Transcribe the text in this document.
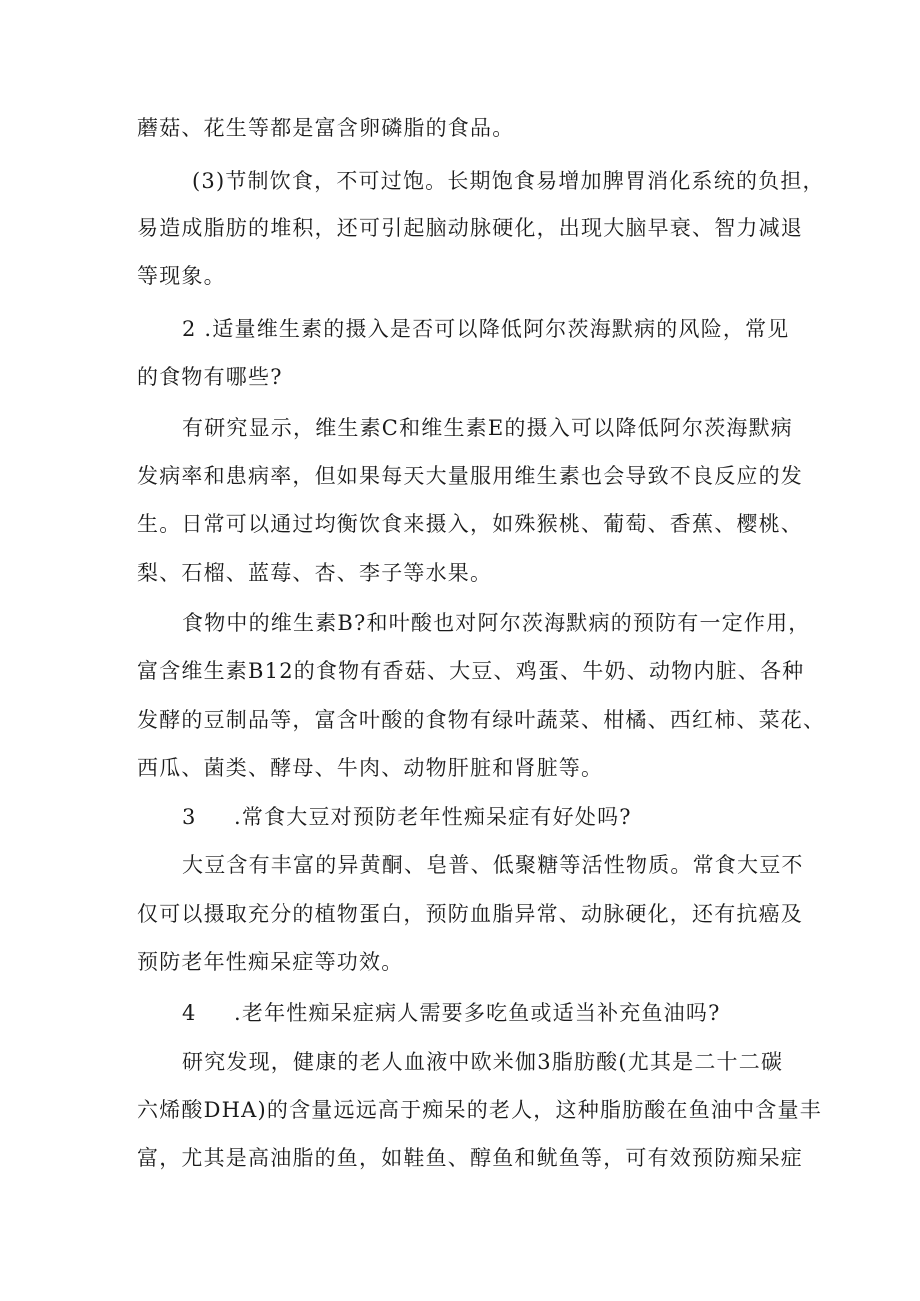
蘑菇、花生等都是富含卵磷脂的食品。
(3)节制饮食，不可过饱。长期饱食易增加脾胃消化系统的负担，
易造成脂肪的堆积，还可引起脑动脉硬化，出现大脑早衰、智力减退
等现象。
2 .适量维生素的摄入是否可以降低阿尔茨海默病的风险，常见
的食物有哪些?
有研究显示，维生素C和维生素E的摄入可以降低阿尔茨海默病
发病率和患病率，但如果每天大量服用维生素也会导致不良反应的发
生。日常可以通过均衡饮食来摄入，如殊猴桃、葡萄、香蕉、樱桃、
梨、石榴、蓝莓、杏、李子等水果。
食物中的维生素B?和叶酸也对阿尔茨海默病的预防有一定作用，
富含维生素B12的食物有香菇、大豆、鸡蛋、牛奶、动物内脏、各种
发酵的豆制品等，富含叶酸的食物有绿叶蔬菜、柑橘、西红柿、菜花、
西瓜、菌类、酵母、牛肉、动物肝脏和肾脏等。
3 .常食大豆对预防老年性痴呆症有好处吗?
大豆含有丰富的异黄酮、皂普、低聚糖等活性物质。常食大豆不
仅可以摄取充分的植物蛋白，预防血脂异常、动脉硬化，还有抗癌及
预防老年性痴呆症等功效。
4 .老年性痴呆症病人需要多吃鱼或适当补充鱼油吗?
研究发现，健康的老人血液中欧米伽3脂肪酸(尤其是二十二碳
六烯酸DHA)的含量远远高于痴呆的老人，这种脂肪酸在鱼油中含量丰
富，尤其是高油脂的鱼，如鞋鱼、醇鱼和鱿鱼等，可有效预防痴呆症
